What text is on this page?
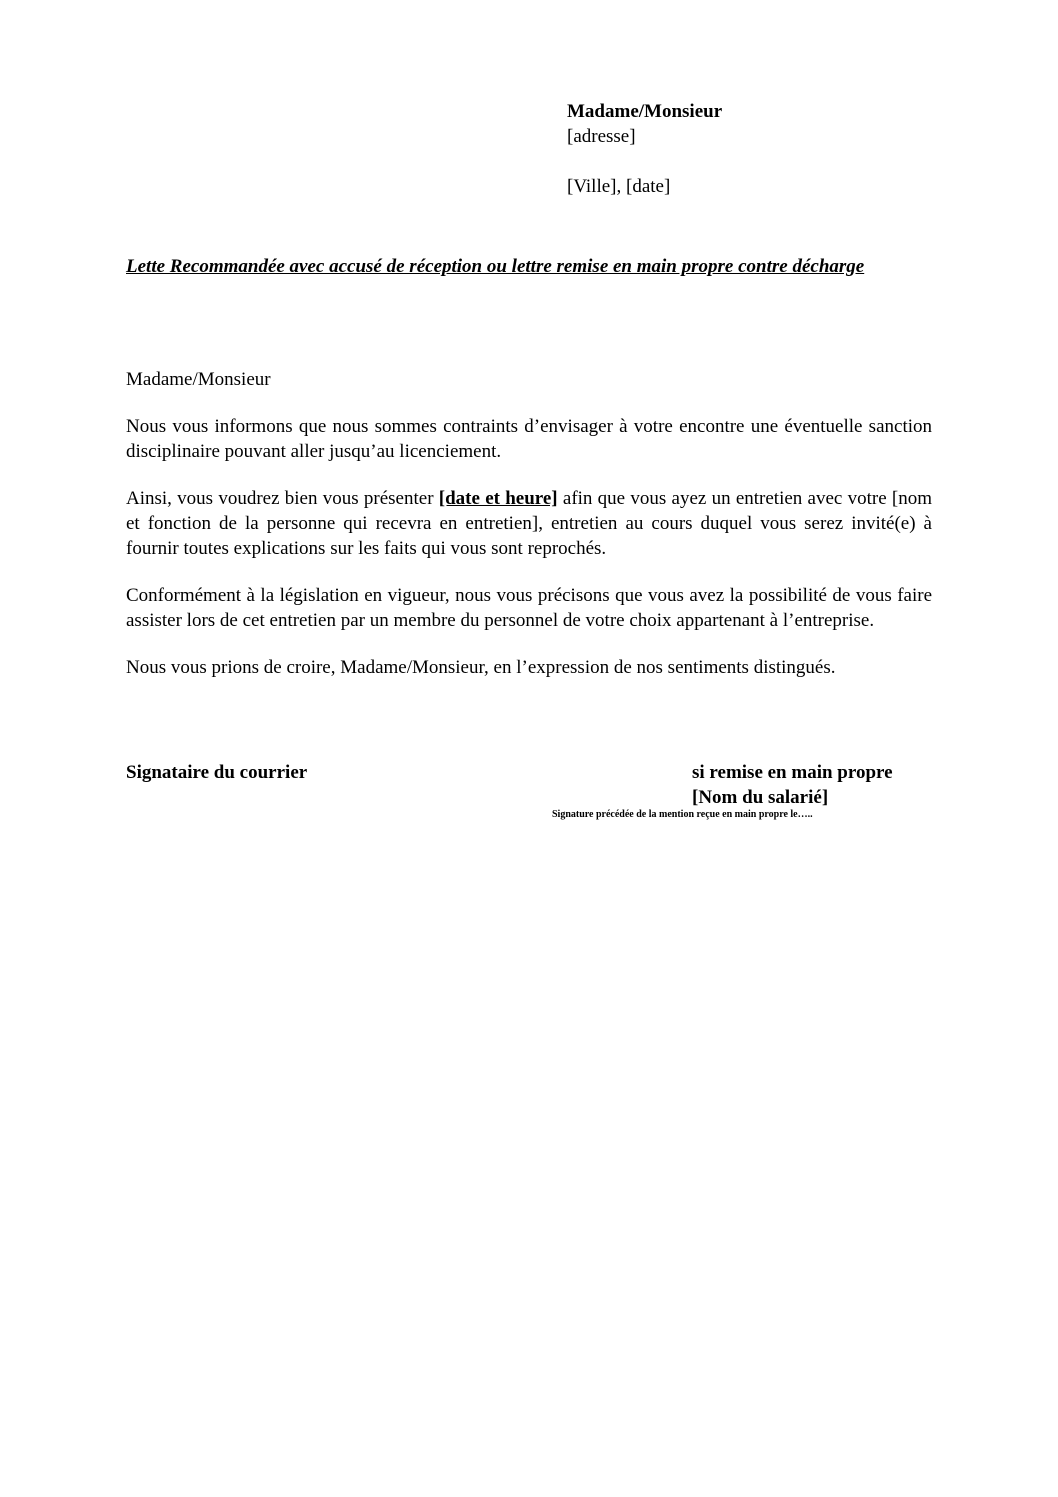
Madame/Monsieur
[adresse]
[Ville], [date]
Lette Recommandée avec accusé de réception ou lettre remise en main propre contre décharge

Madame/Monsieur

Nous vous informons que nous sommes contraints d’envisager à votre encontre une éventuelle sanction disciplinaire pouvant aller jusqu’au licenciement.

Ainsi, vous voudrez bien vous présenter [date et heure] afin que vous ayez un entretien avec votre [nom et fonction de la personne qui recevra en entretien], entretien au cours duquel vous serez invité(e) à fournir toutes explications sur les faits qui vous sont reprochés.

Conformément à la législation en vigueur, nous vous précisons que vous avez la possibilité de vous faire assister lors de cet entretien par un membre du personnel de votre choix appartenant à l’entreprise.

Nous vous prions de croire, Madame/Monsieur, en l’expression de nos sentiments distingués.

Signataire du courrier	si remise en main propre
[Nom du salarié]
Signature précédée de la mention reçue en main propre le…..
